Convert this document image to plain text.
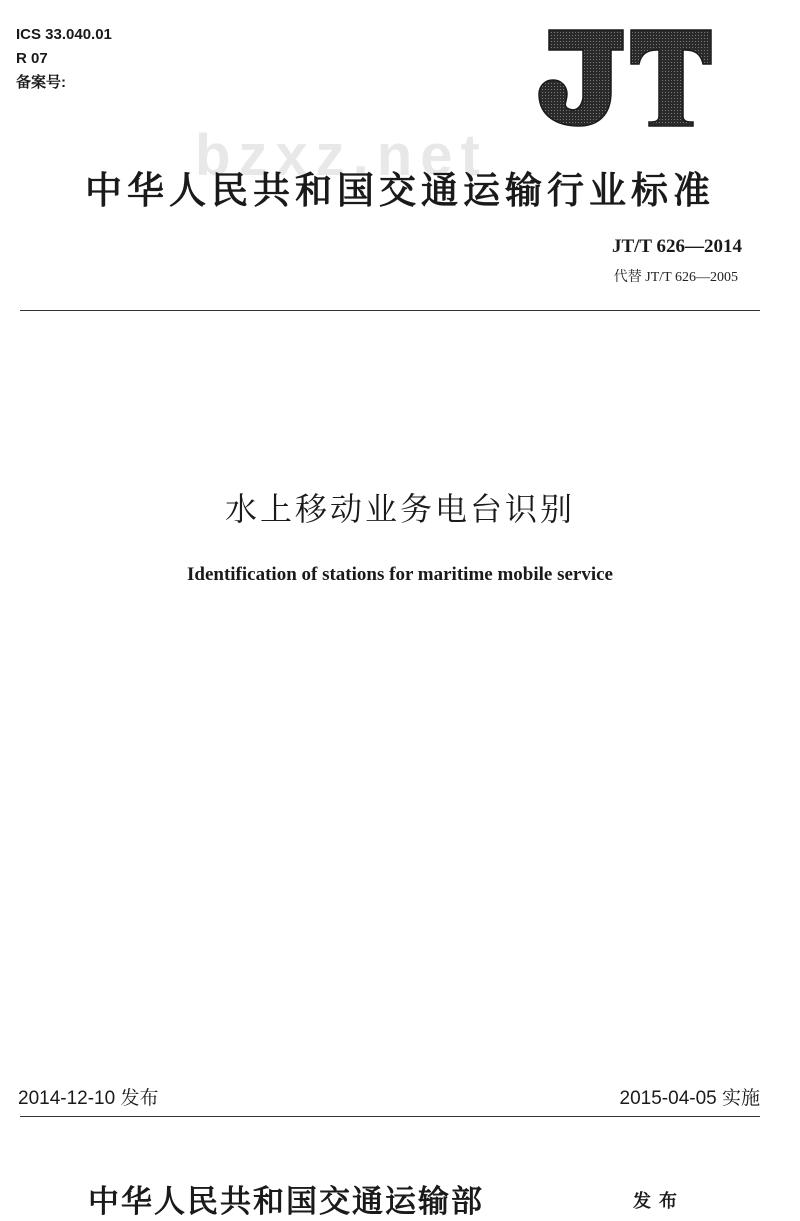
ICS 33.040.01
R 07
备案号:
bzxz.net
中华人民共和国交通运输行业标准
JT/T 626—2014
代替 JT/T 626—2005
水上移动业务电台识别
Identification of stations for maritime mobile service
2014-12-10 发布	2015-04-05 实施
中华人民共和国交通运输部	发布
